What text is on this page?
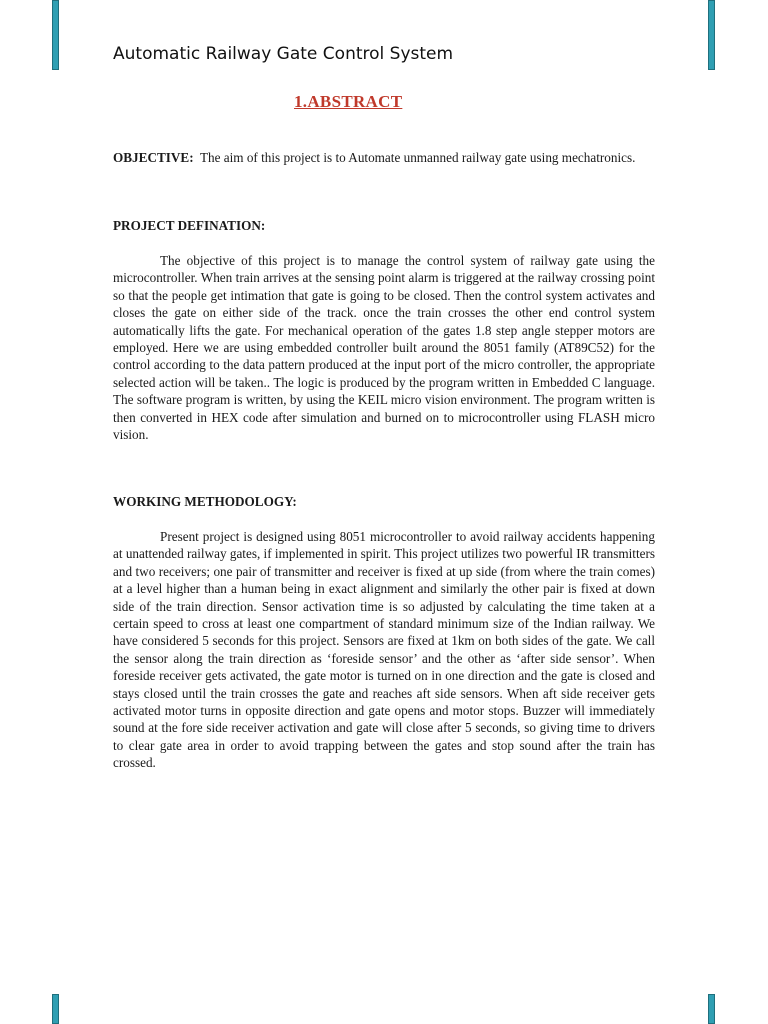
Automatic Railway Gate Control System
1.ABSTRACT
OBJECTIVE: The aim of this project is to Automate unmanned railway gate using mechatronics.
PROJECT DEFINATION:

The objective of this project is to manage the control system of railway gate using the microcontroller. When train arrives at the sensing point alarm is triggered at the railway crossing point so that the people get intimation that gate is going to be closed. Then the control system activates and closes the gate on either side of the track. once the train crosses the other end control system automatically lifts the gate. For mechanical operation of the gates 1.8 step angle stepper motors are employed. Here we are using embedded controller built around the 8051 family (AT89C52) for the control according to the data pattern produced at the input port of the micro controller, the appropriate selected action will be taken.. The logic is produced by the program written in Embedded C language. The software program is written, by using the KEIL micro vision environment. The program written is then converted in HEX code after simulation and burned on to microcontroller using FLASH micro vision.

WORKING METHODOLOGY:

Present project is designed using 8051 microcontroller to avoid railway accidents happening at unattended railway gates, if implemented in spirit. This project utilizes two powerful IR transmitters and two receivers; one pair of transmitter and receiver is fixed at up side (from where the train comes) at a level higher than a human being in exact alignment and similarly the other pair is fixed at down side of the train direction. Sensor activation time is so adjusted by calculating the time taken at a certain speed to cross at least one compartment of standard minimum size of the Indian railway. We have considered 5 seconds for this project. Sensors are fixed at 1km on both sides of the gate. We call the sensor along the train direction as ‘foreside sensor’ and the other as ‘after side sensor’. When foreside receiver gets activated, the gate motor is turned on in one direction and the gate is closed and stays closed until the train crosses the gate and reaches aft side sensors. When aft side receiver gets activated motor turns in opposite direction and gate opens and motor stops. Buzzer will immediately sound at the fore side receiver activation and gate will close after 5 seconds, so giving time to drivers to clear gate area in order to avoid trapping between the gates and stop sound after the train has crossed.
